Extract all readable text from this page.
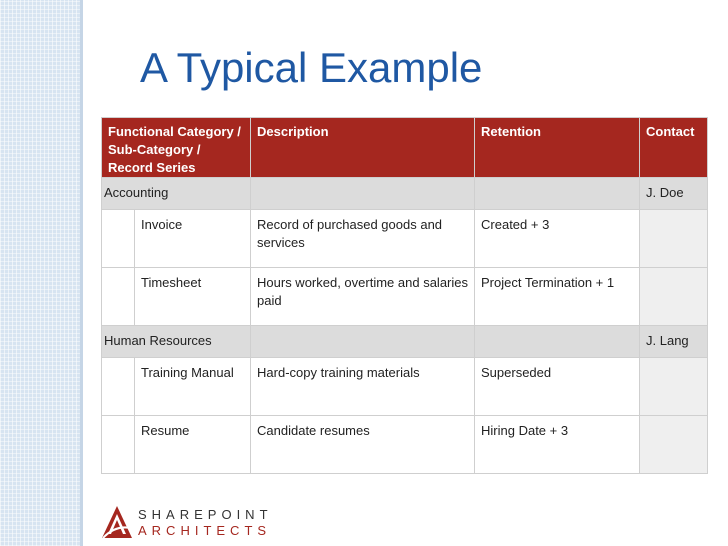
A Typical Example
Functional Category / Sub-Category / Record Series		Description	Retention	Contact
Accounting				J. Doe
	Invoice	Record of purchased goods and services	Created + 3	
	Timesheet	Hours worked, overtime and salaries paid	Project Termination + 1	
Human Resources				J. Lang
	Training Manual	Hard-copy training materials	Superseded	
	Resume	Candidate resumes	Hiring Date + 3	
SHAREPOINT
ARCHITECTS
